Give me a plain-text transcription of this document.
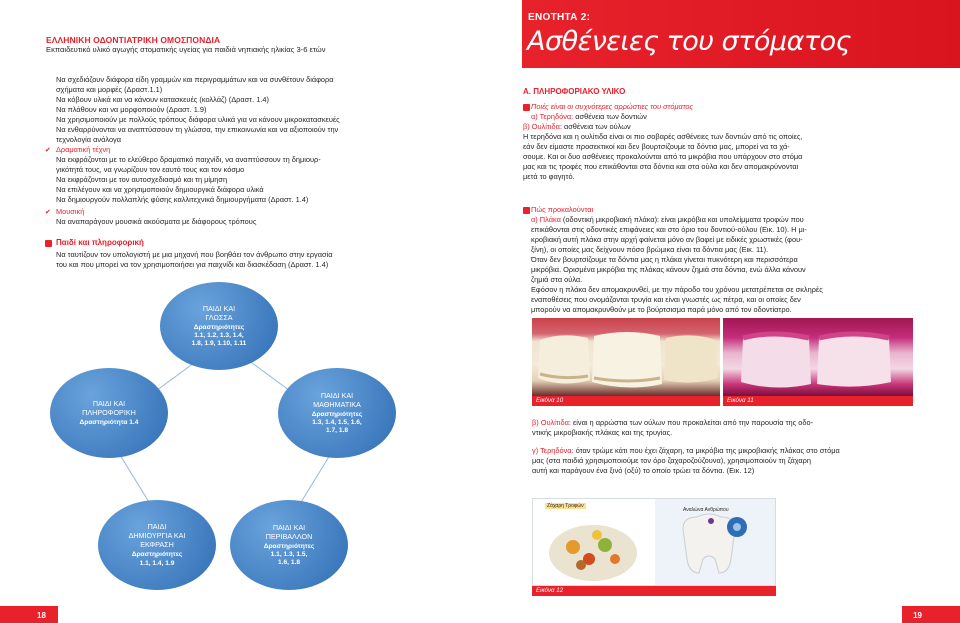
ΕΛΛΗΝΙΚΗ ΟΔΟΝΤΙΑΤΡΙΚΗ ΟΜΟΣΠΟΝΔΙΑ
Εκπαιδευτικό υλικό αγωγής στοματικής υγείας για παιδιά νηπιακής ηλικίας 3-6 ετών
Να σχεδιάζουν διάφορα είδη γραμμών και περιγραμμάτων και να συνθέτουν διάφορα
σχήματα και μορφές (Δραστ.1.1)
Να κόβουν υλικά και να κάνουν κατασκευές (κολλάζ) (Δραστ. 1.4)
Να πλάθουν και να μορφοποιούν (Δραστ. 1.9)
Να χρησιμοποιούν με πολλούς τρόπους διάφορα υλικά για να κάνουν μικροκατασκευές
Να ενθαρρύνονται να αναπτύσσουν τη γλώσσα, την επικοινωνία και να αξιοποιούν την
τεχνολογία ανάλογα
✔ Δραματική τέχνη
Να εκφράζονται με το ελεύθερο δραματικό παιχνίδι, να αναπτύσσουν τη δημιουρ-
γικότητά τους, να γνωρίζουν τον εαυτό τους και τον κόσμο
Να εκφράζονται με τον αυτοσχεδιασμό και τη μίμηση
Να επιλέγουν και να χρησιμοποιούν δημιουργικά διάφορα υλικά
Να δημιουργούν πολλαπλής φύσης καλλιτεχνικά δημιουργήματα (Δραστ. 1.4)
✔ Μουσική
Να αναπαράγουν μουσικά ακούσματα με διάφορους τρόπους
Παιδί και πληροφορική
Να ταυτίζουν τον υπολογιστή με μια μηχανή που βοηθάει τον άνθρωπο στην εργασία
του και που μπορεί να τον χρησιμοποιήσει για παιχνίδι και διασκέδαση (Δραστ. 1.4)
ΠΑΙΔΙ ΚΑΙ
ΓΛΩΣΣΑ
Δραστηριότητες
1.1, 1.2, 1.3, 1.4,
1.8, 1.9, 1.10, 1.11
ΠΑΙΔΙ ΚΑΙ
ΠΛΗΡΟΦΟΡΙΚΗ
Δραστηριότητα 1.4
ΠΑΙΔΙ ΚΑΙ
ΜΑΘΗΜΑΤΙΚΑ
Δραστηριότητες
1.3, 1.4, 1.5, 1.6,
1.7, 1.8
ΠΑΙΔΙ
ΔΗΜΙΟΥΡΓΙΑ ΚΑΙ
ΕΚΦΡΑΣΗ
Δραστηριότητες
1.1, 1.4, 1.9
ΠΑΙΔΙ ΚΑΙ
ΠΕΡΙΒΑΛΛΟΝ
Δραστηριότητες
1.1, 1.3, 1.5,
1.6, 1.8
18
ΕΝΟΤΗΤΑ 2:
Ασθένειες του στόματος
Α. ΠΛΗΡΟΦΟΡΙΑΚΟ ΥΛΙΚΟ
Ποιές είναι οι συχνότερες αρρώστιες του στόματος
α) Τερηδόνα: ασθένεια των δοντιών
β) Ουλίτιδα: ασθένεια των ούλων
Η τερηδόνα και η ουλίτιδα είναι οι πιο σοβαρές ασθένειες των δοντιών από τις οποίες,
εάν δεν είμαστε προσεκτικοί και δεν βουρτσίζουμε τα δόντια μας, μπορεί να τα χά-
σουμε. Και οι δυο ασθένειες προκαλούνται από τα μικρόβια που υπάρχουν στο στόμα
μας και τις τροφές που επικάθονται στα δόντια και στα ούλα και δεν απομακρύνονται
μετά το φαγητό.
Πώς προκαλούνται
α) Πλάκα (οδοντική μικροβιακή πλάκα): είναι μικρόβια και υπολείμματα τροφών που
επικάθονται στις οδοντικές επιφάνειες και στο όριο του δοντιού-ούλου (Εικ. 10). Η μι-
κροβιακή αυτή πλάκα στην αρχή φαίνεται μόνο αν βαφεί με ειδικές χρωστικές (φου-
ξίνη), οι οποίες μας δείχνουν πόσο βρώμικα είναι τα δόντια μας (Εικ. 11).
Όταν δεν βουρτσίζουμε τα δόντια μας η πλάκα γίνεται πυκνότερη και περισσότερα
μικρόβια. Ορισμένα μικρόβια της πλάκας κάνουν ζημιά στα δόντια, ενώ άλλα κάνουν
ζημιά στα ούλα.
Εφόσον η πλάκα δεν απομακρυνθεί, με την πάροδο του χρόνου μετατρέπεται σε σκληρές
εναποθέσεις που ονομάζονται τρυγία και είναι γνωστές ως πέτρα, και οι οποίες δεν
μπορούν να απομακρυνθούν με το βούρτσισμα παρά μόνο από τον οδοντίατρο.
Εικόνα 10	Εικόνα 11
β) Ουλίτιδα: είναι η αρρώστια των ούλων που προκαλείται από την παρουσία της οδο-
ντικής μικροβιακής πλάκας και της τρυγίας.
γ) Τερηδόνα: όταν τρώμε κάτι που έχει ζάχαρη, τα μικρόβια της μικροβιακής πλάκας στο στόμα
μας (στα παιδιά χρησιμοποιούμε τον όρο ζαχαροζούζουνα), χρησιμοποιούν τη ζάχαρη
αυτή και παράγουν ένα ξινό (οξύ) το οποίο τρώει τα δόντια. (Εικ. 12)
Ζάχαρη Τροφών
Αναλώνα Ανθρώπου
Εικόνα 12
19
